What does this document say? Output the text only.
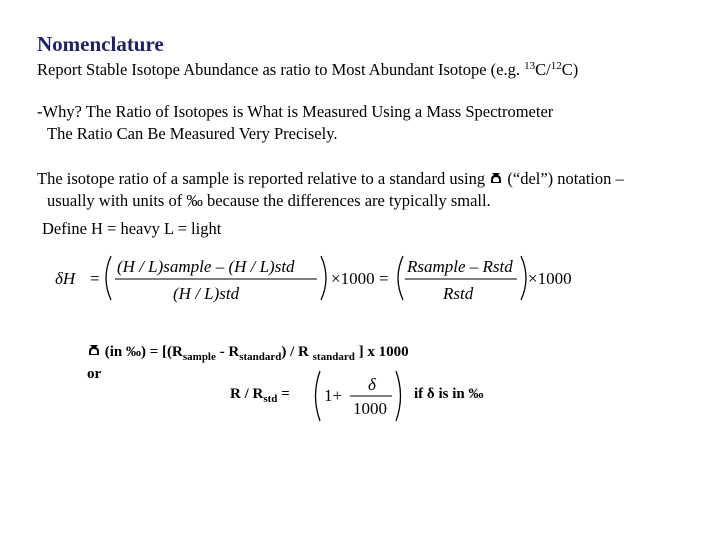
Nomenclature
Report Stable Isotope Abundance as ratio to Most Abundant Isotope (e.g. $^{13}$C/$^{12}$C)
-Why? The Ratio of Isotopes is What is Measured Using a Mass Spectrometer
The Ratio Can Be Measured Very Precisely.
The isotope ratio of a sample is reported relative to a standard using  (“del”) notation –
usually with units of ‰ because the differences are typically small.
Define H = heavy L = light
δH =
(H / L)sample – (H / L)std
(H / L)std
×1000 =
Rsample – Rstd
Rstd
×1000
(in ‰) = [$(R_{sample} - R_{standard})$ / R $_{standard}$ ] x 1000
or
$R / R_{std} = 1+$
δ
1000
if δ is in ‰
